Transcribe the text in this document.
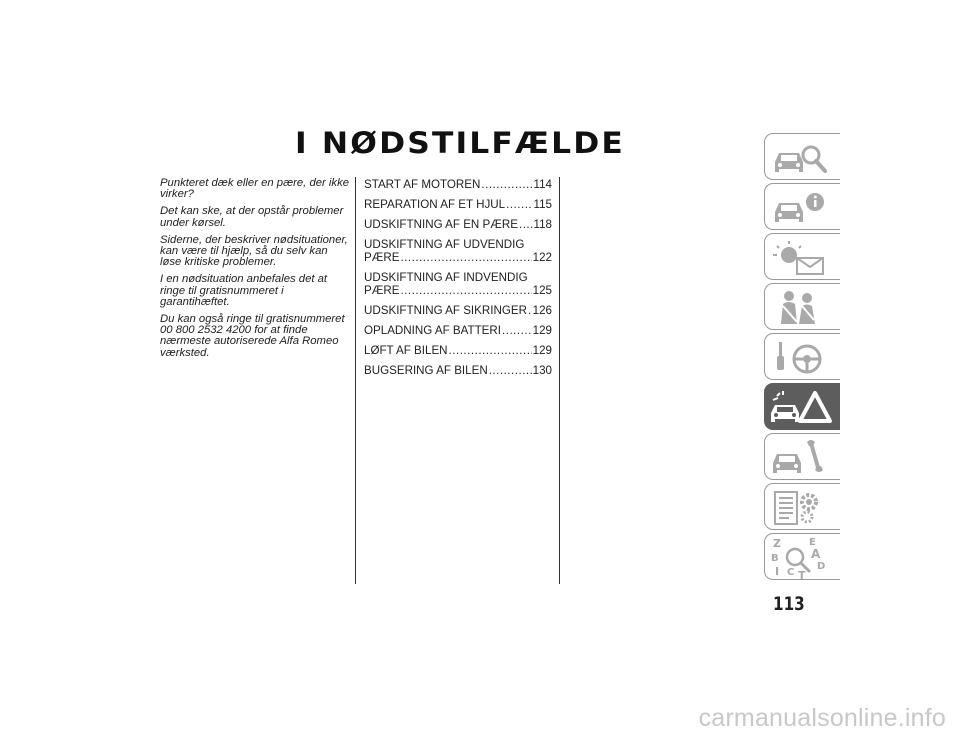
I NØDSTILFÆLDE

Punkteret dæk eller en pære, der ikke virker?

Det kan ske, at der opstår problemer under kørsel.

Siderne, der beskriver nødsituationer, kan være til hjælp, så du selv kan løse kritiske problemer.

I en nødsituation anbefales det at ringe til gratisnummeret i garantihæftet.

Du kan også ringe til gratisnummeret 00 800 2532 4200 for at finde nærmeste autoriserede Alfa Romeo værksted.

START AF MOTOREN .....	114
REPARATION AF ET HJUL ..... 115
UDSKIFTNING AF EN PÆRE ..... 118
UDSKIFTNING AF UDVENDIG
PÆRE .....	122
UDSKIFTNING AF INDVENDIG
PÆRE .....	125
UDSKIFTNING AF SIKRINGER ..... 126
OPLADNING AF BATTERI .....	129
LØFT AF BILEN .....	129
BUGSERING AF BILEN .....	130
Z	E
B	A
D
I C T
113
carmanualsonline.info
